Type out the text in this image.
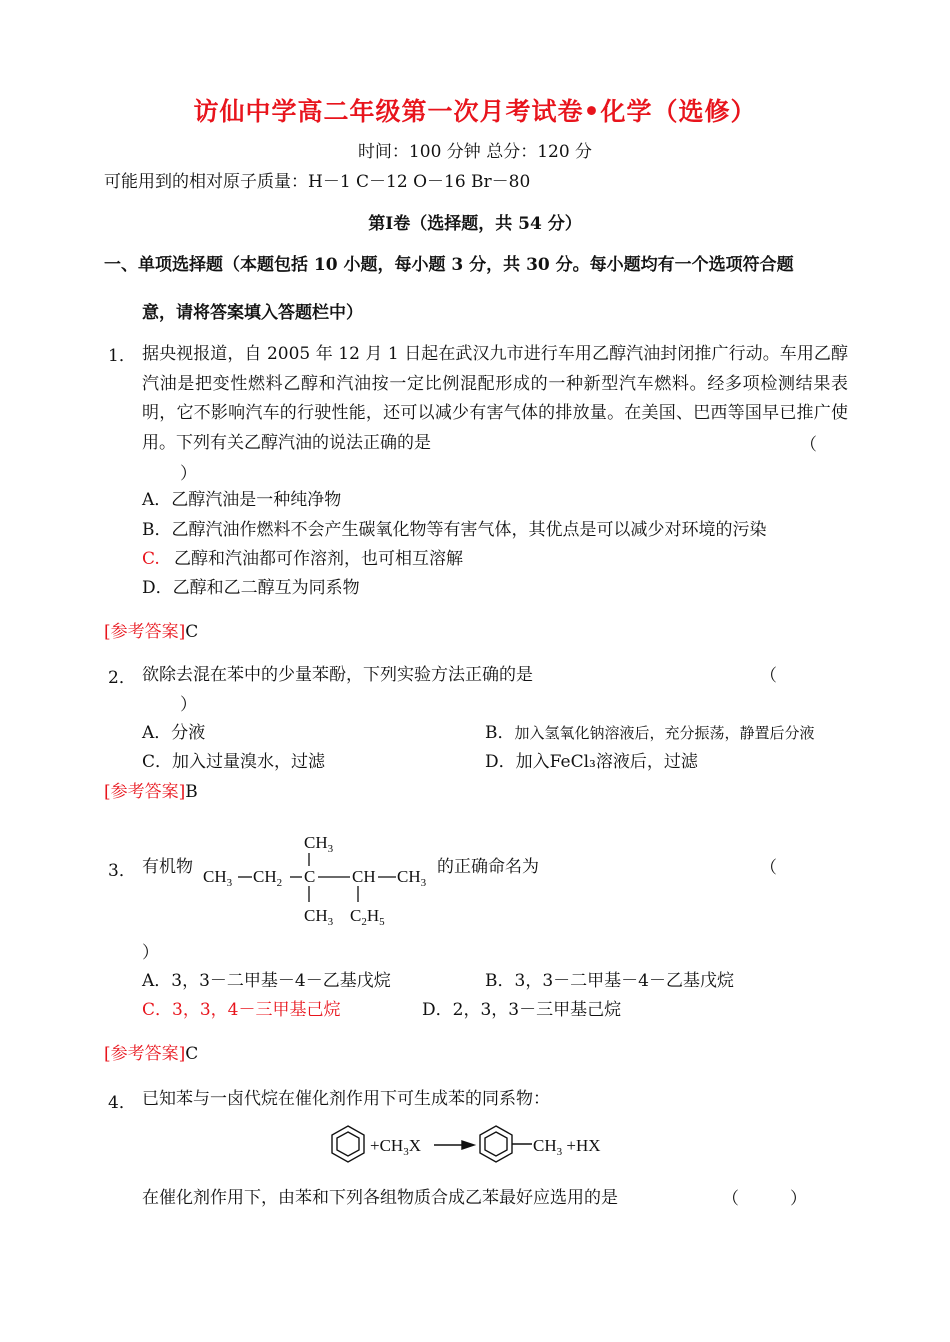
访仙中学高二年级第一次月考试卷•化学（选修）
时间：100 分钟 总分：120 分
可能用到的相对原子质量：H－1 C－12 O－16 Br－80
第Ⅰ卷（选择题，共 54 分）
一、单项选择题（本题包括 10 小题，每小题 3 分，共 30 分。每小题均有一个选项符合题
意，请将答案填入答题栏中）
1． 据央视报道，自 2005 年 12 月 1 日起在武汉九市进行车用乙醇汽油封闭推广行动。车用乙醇汽油是把变性燃料乙醇和汽油按一定比例混配形成的一种新型汽车燃料。经多项检测结果表明，它不影响汽车的行驶性能，还可以减少有害气体的排放量。在美国、巴西等国早已推广使用。下列有关乙醇汽油的说法正确的是	（
）
A．乙醇汽油是一种纯净物
B．乙醇汽油作燃料不会产生碳氧化物等有害气体，其优点是可以减少对环境的污染
C. 乙醇和汽油都可作溶剂，也可相互溶解
D．乙醇和乙二醇互为同系物
[参考答案]C
2． 欲除去混在苯中的少量苯酚，下列实验方法正确的是	（
）
A．分液	B．加入氢氧化钠溶液后，充分振荡，静置后分液
C．加入过量溴水，过滤	D．加入FeCl₃溶液后，过滤
[参考答案]B
3． 有机物
$CH_3$
$CH_3$ $CH_2$ C CH $CH_3$
$CH_3$ $C_2H_5$
的正确命名为	（
）
A．3，3－二甲基－4－乙基戊烷	B．3，3－二甲基－4－乙基戊烷
C．3，3，4－三甲基己烷	D．2，3，3－三甲基己烷
[参考答案]C
4． 已知苯与一卤代烷在催化剂作用下可生成苯的同系物：
$+CH_3X$	$CH_3 +HX$
在催化剂作用下，由苯和下列各组物质合成乙苯最好应选用的是	（	）
